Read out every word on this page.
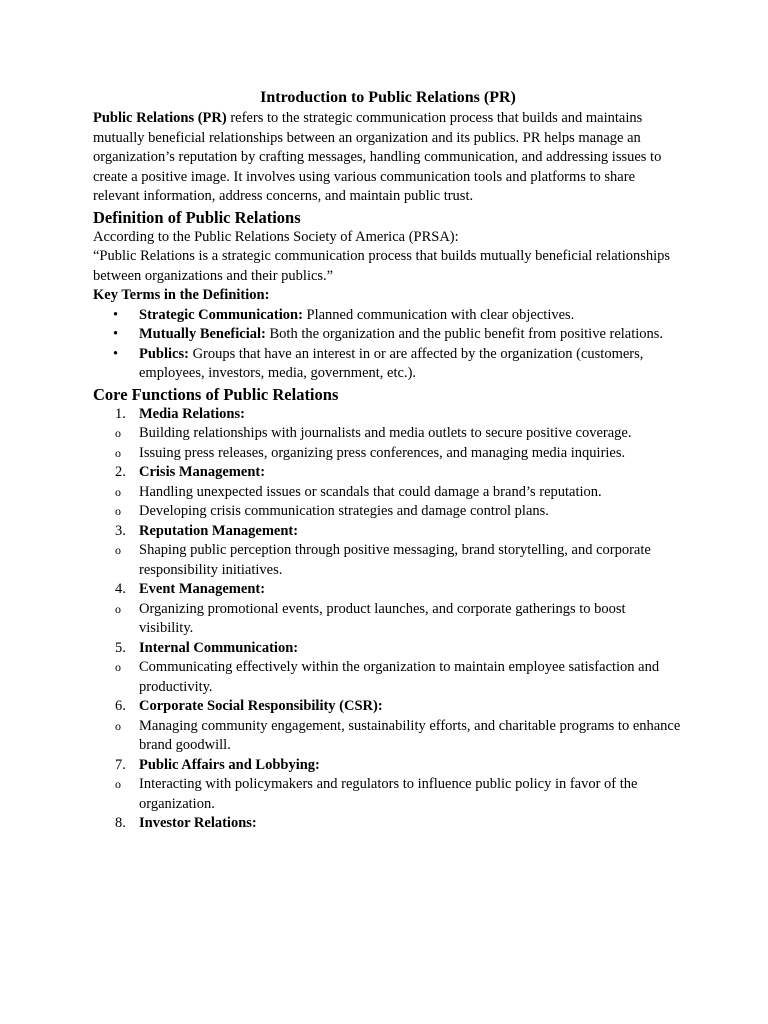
Introduction to Public Relations (PR)

Public Relations (PR) refers to the strategic communication process that builds and maintains mutually beneficial relationships between an organization and its publics. PR helps manage an organization’s reputation by crafting messages, handling communication, and addressing issues to create a positive image. It involves using various communication tools and platforms to share relevant information, address concerns, and maintain public trust.

Definition of Public Relations

According to the Public Relations Society of America (PRSA):

“Public Relations is a strategic communication process that builds mutually beneficial relationships between organizations and their publics.”

Key Terms in the Definition:

• Strategic Communication: Planned communication with clear objectives.
• Mutually Beneficial: Both the organization and the public benefit from positive relations.
• Publics: Groups that have an interest in or are affected by the organization (customers, employees, investors, media, government, etc.).
Core Functions of Public Relations
1. Media Relations:
o Building relationships with journalists and media outlets to secure positive coverage.
o Issuing press releases, organizing press conferences, and managing media inquiries.
2. Crisis Management:
o Handling unexpected issues or scandals that could damage a brand’s reputation.
o Developing crisis communication strategies and damage control plans.
3. Reputation Management:
o Shaping public perception through positive messaging, brand storytelling, and corporate responsibility initiatives.
4. Event Management:
o Organizing promotional events, product launches, and corporate gatherings to boost visibility.
5. Internal Communication:
o Communicating effectively within the organization to maintain employee satisfaction and productivity.
6. Corporate Social Responsibility (CSR):
o Managing community engagement, sustainability efforts, and charitable programs to enhance brand goodwill.
7. Public Affairs and Lobbying:
o Interacting with policymakers and regulators to influence public policy in favor of the organization.
8. Investor Relations:
